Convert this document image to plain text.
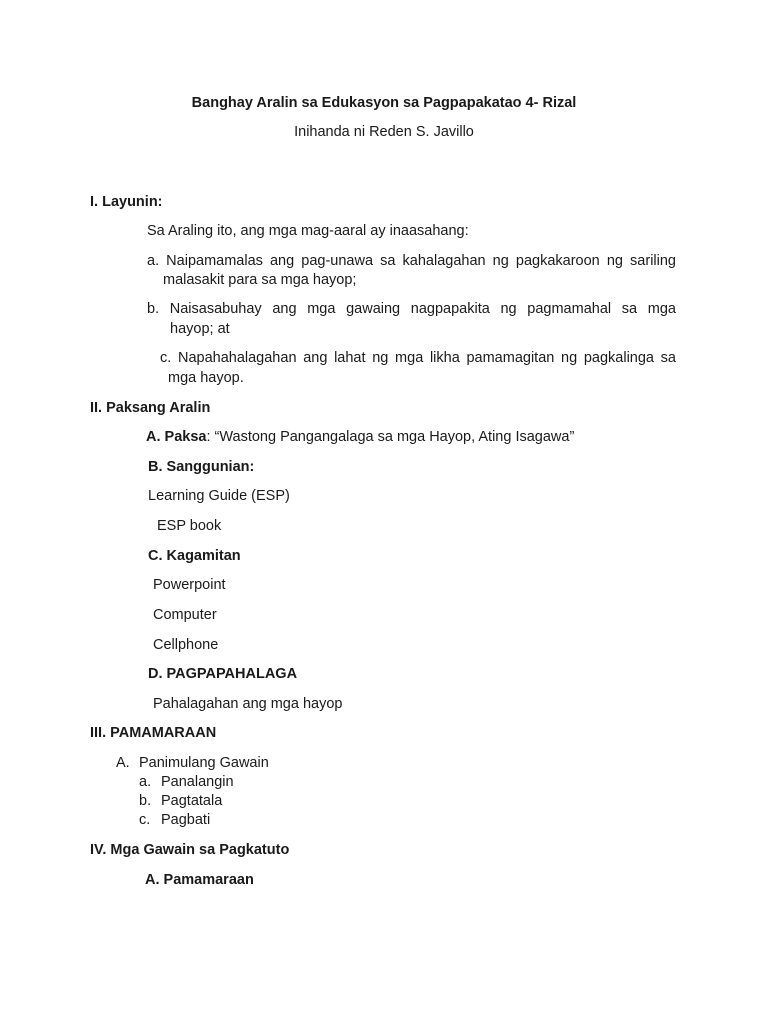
Banghay Aralin sa Edukasyon sa Pagpapakatao 4- Rizal
Inihanda ni Reden S. Javillo
I. Layunin:
Sa Araling ito, ang mga mag-aaral ay inaasahang:
a. Naipamamalas ang pag-unawa sa kahalagahan ng pagkakaroon ng sariling
malasakit para sa mga hayop;
b. Naisasabuhay ang mga gawaing nagpapakita ng pagmamahal sa mga
hayop; at
c. Napahahalagahan ang lahat ng mga likha pamamagitan ng pagkalinga sa
mga hayop.
II. Paksang Aralin
A. Paksa: “Wastong Pangangalaga sa mga Hayop, Ating Isagawa”
B. Sanggunian:
Learning Guide (ESP)
ESP book
C. Kagamitan
Powerpoint
Computer
Cellphone
D. PAGPAPAHALAGA
Pahalagahan ang mga hayop
III. PAMAMARAAN
A. Panimulang Gawain
a. Panalangin
b. Pagtatala
c. Pagbati
IV. Mga Gawain sa Pagkatuto
A. Pamamaraan
